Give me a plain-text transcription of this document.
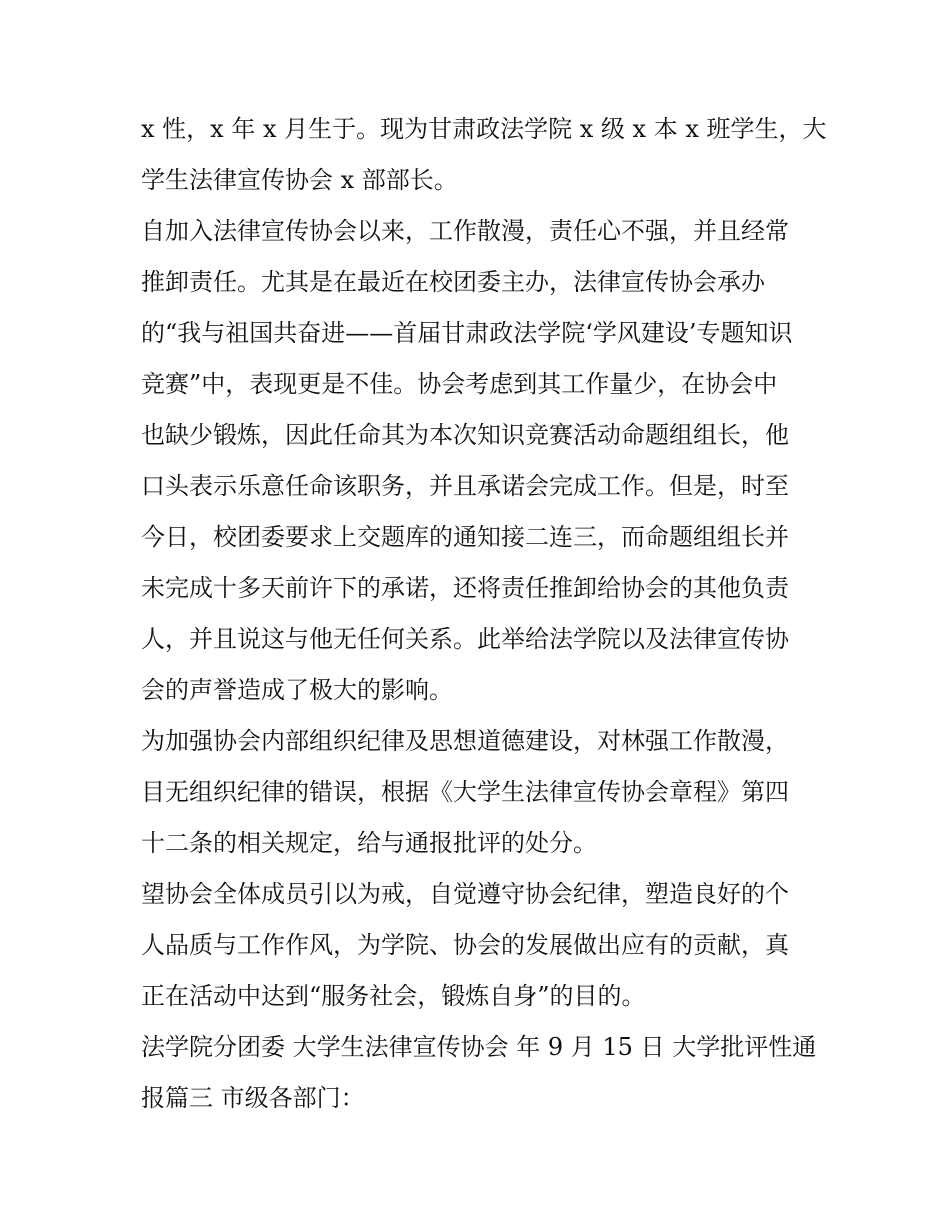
x 性，x 年 x 月生于。现为甘肃政法学院 x 级 x 本 x 班学生，大
学生法律宣传协会 x 部部长。
自加入法律宣传协会以来，工作散漫，责任心不强，并且经常
推卸责任。尤其是在最近在校团委主办，法律宣传协会承办
的“我与祖国共奋进——首届甘肃政法学院‘学风建设’专题知识
竞赛”中，表现更是不佳。协会考虑到其工作量少，在协会中
也缺少锻炼，因此任命其为本次知识竞赛活动命题组组长，他
口头表示乐意任命该职务，并且承诺会完成工作。但是，时至
今日，校团委要求上交题库的通知接二连三，而命题组组长并
未完成十多天前许下的承诺，还将责任推卸给协会的其他负责
人，并且说这与他无任何关系。此举给法学院以及法律宣传协
会的声誉造成了极大的影响。
为加强协会内部组织纪律及思想道德建设，对林强工作散漫，
目无组织纪律的错误，根据《大学生法律宣传协会章程》第四
十二条的相关规定，给与通报批评的处分。
望协会全体成员引以为戒，自觉遵守协会纪律，塑造良好的个
人品质与工作作风，为学院、协会的发展做出应有的贡献，真
正在活动中达到“服务社会，锻炼自身”的目的。
法学院分团委 大学生法律宣传协会 年 9 月 15 日 大学批评性通
报篇三 市级各部门：
